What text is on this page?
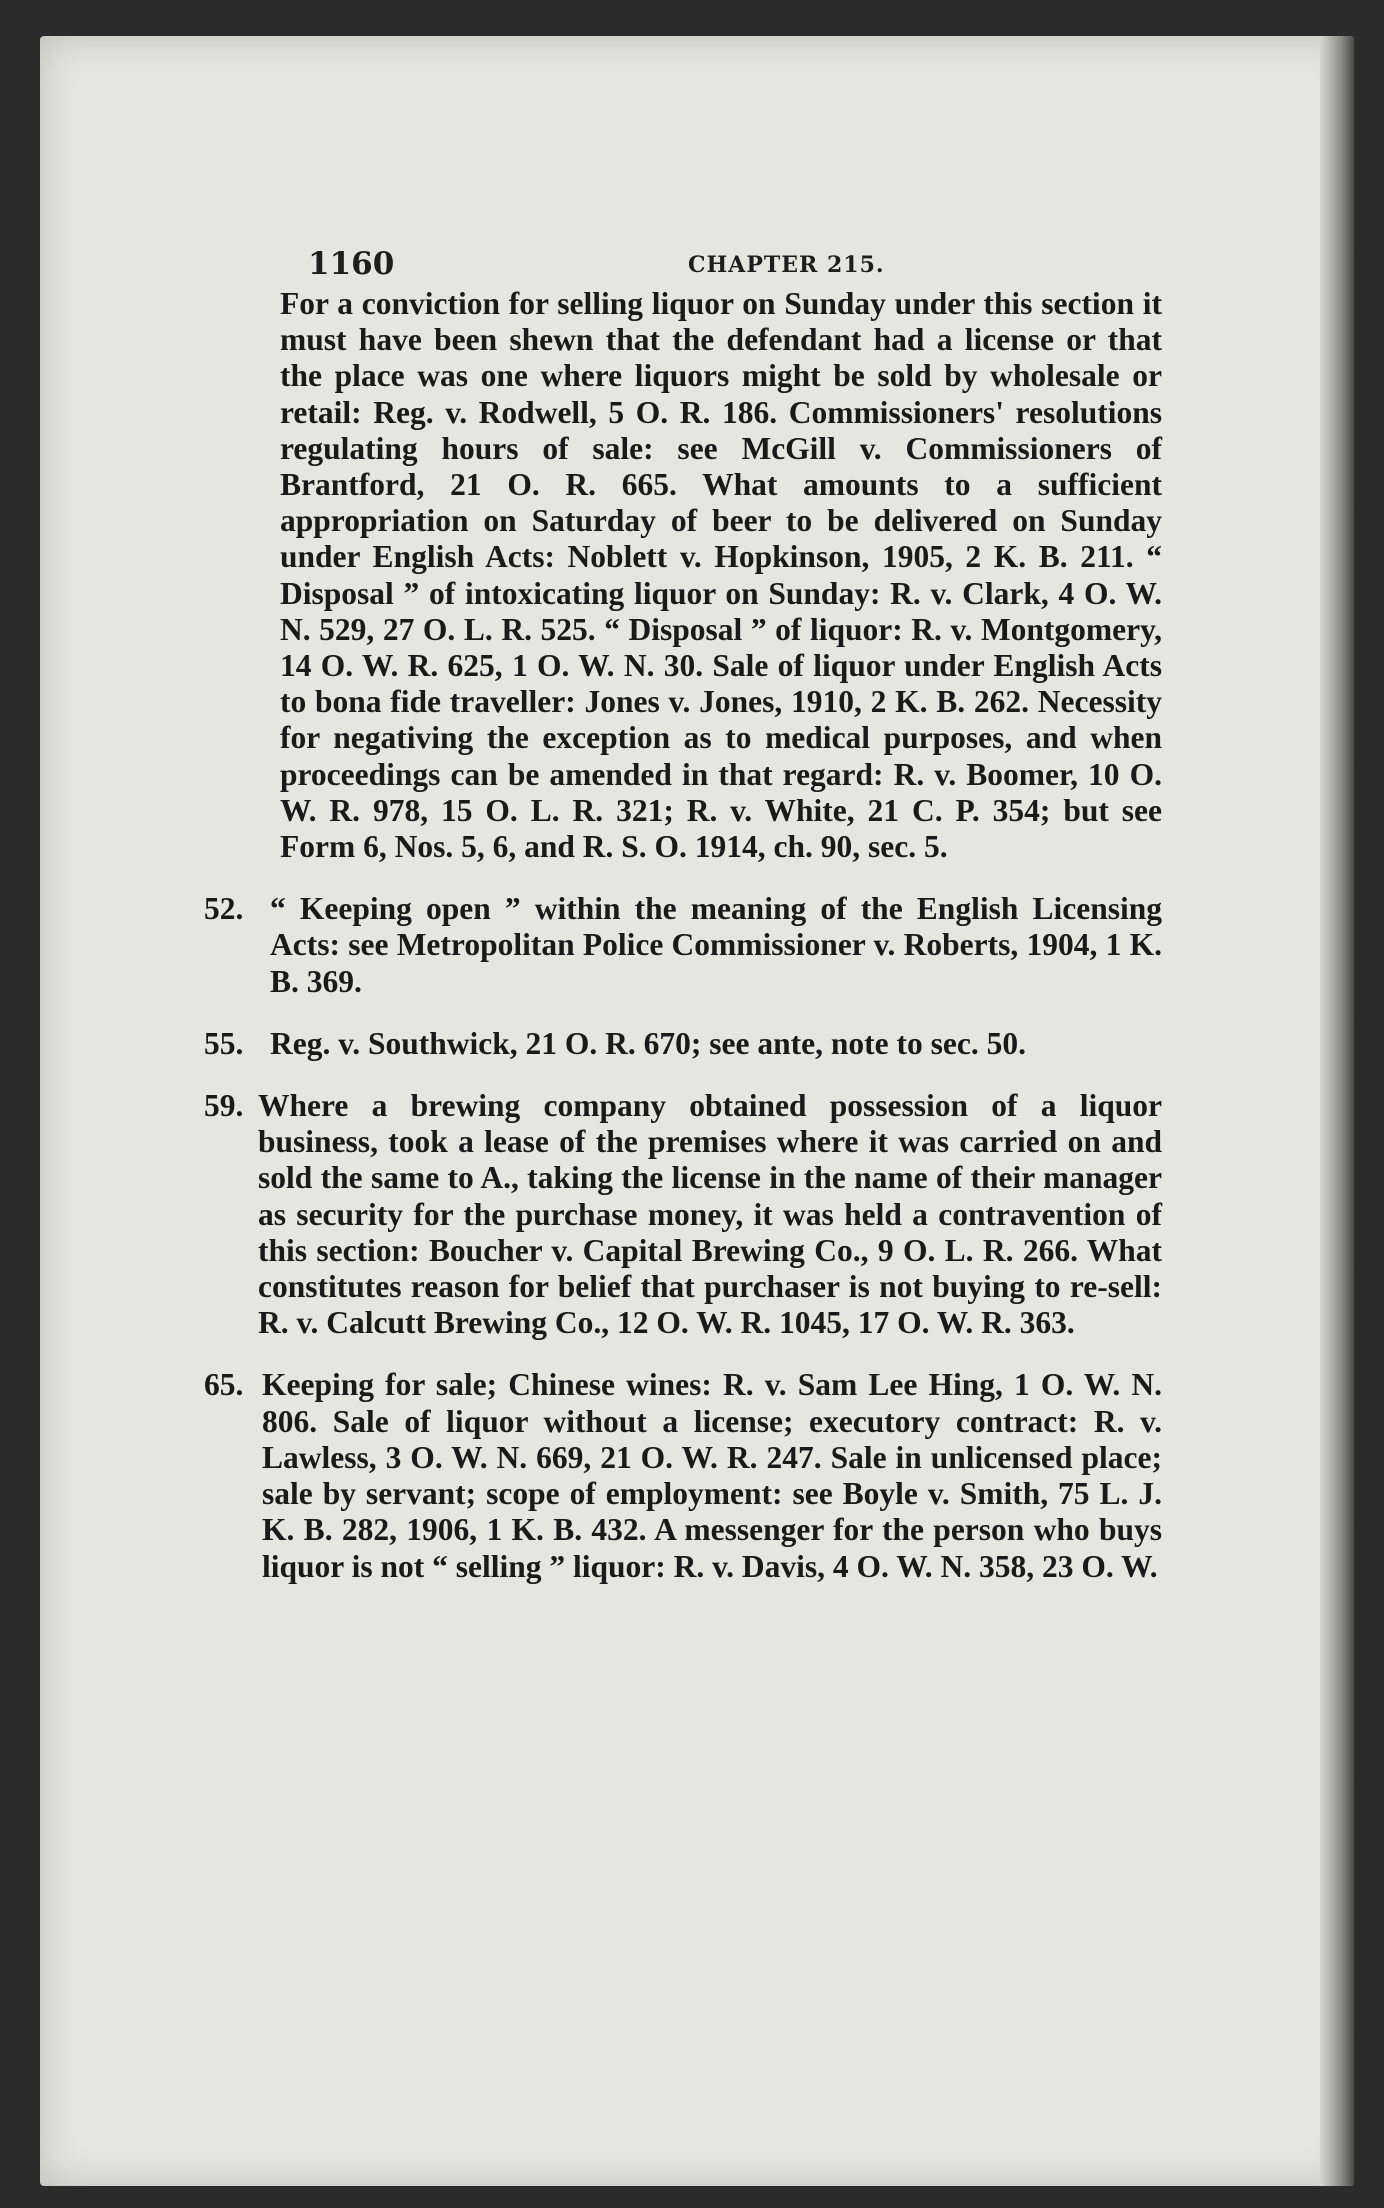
1160	CHAPTER 215.

For a conviction for selling liquor on Sunday under this section it must have been shewn that the defendant had a license or that the place was one where liquors might be sold by wholesale or retail: Reg. v. Rodwell, 5 O. R. 186. Commissioners' resolutions regulating hours of sale: see McGill v. Commissioners of Brantford, 21 O. R. 665. What amounts to a sufficient appropriation on Saturday of beer to be delivered on Sunday under English Acts: Noblett v. Hopkinson, 1905, 2 K. B. 211. “ Disposal ” of intoxicating liquor on Sunday: R. v. Clark, 4 O. W. N. 529, 27 O. L. R. 525. “ Disposal ” of liquor: R. v. Montgomery, 14 O. W. R. 625, 1 O. W. N. 30. Sale of liquor under English Acts to bona fide traveller: Jones v. Jones, 1910, 2 K. B. 262. Necessity for negativing the exception as to medical purposes, and when proceedings can be amended in that regard: R. v. Boomer, 10 O. W. R. 978, 15 O. L. R. 321; R. v. White, 21 C. P. 354; but see Form 6, Nos. 5, 6, and R. S. O. 1914, ch. 90, sec. 5.

52. “ Keeping open ” within the meaning of the English Licensing Acts: see Metropolitan Police Commissioner v. Roberts, 1904, 1 K. B. 369.

55. Reg. v. Southwick, 21 O. R. 670; see ante, note to sec. 50.

59. Where a brewing company obtained possession of a liquor business, took a lease of the premises where it was carried on and sold the same to A., taking the license in the name of their manager as security for the purchase money, it was held a contravention of this section: Boucher v. Capital Brewing Co., 9 O. L. R. 266. What constitutes reason for belief that purchaser is not buying to re-sell: R. v. Calcutt Brewing Co., 12 O. W. R. 1045, 17 O. W. R. 363.

65. Keeping for sale; Chinese wines: R. v. Sam Lee Hing, 1 O. W. N. 806. Sale of liquor without a license; executory contract: R. v. Lawless, 3 O. W. N. 669, 21 O. W. R. 247. Sale in unlicensed place; sale by servant; scope of employment: see Boyle v. Smith, 75 L. J. K. B. 282, 1906, 1 K. B. 432. A messenger for the person who buys liquor is not “ selling ” liquor: R. v. Davis, 4 O. W. N. 358, 23 O. W.
